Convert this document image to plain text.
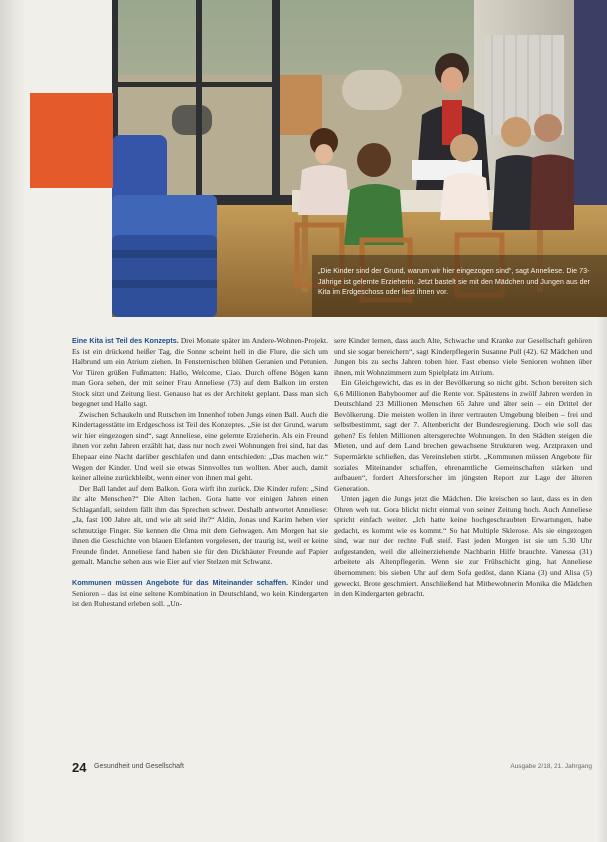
„Die Kinder sind der Grund, warum wir hier eingezogen sind“, sagt Anneliese. Die 73-Jährige ist gelernte Erzieherin. Jetzt bastelt sie mit den Mädchen und Jungen aus der Kita im Erdgeschoss oder liest ihnen vor.

Eine Kita ist Teil des Konzepts. Drei Monate später im Andere-Wohnen-Projekt. Es ist ein drückend heißer Tag, die Sonne scheint hell in die Flure, die sich um Halbrund um ein Atrium ziehen. In Fensternischen blühen Geranien und Petunien. Vor Türen grüßen Fußmatten: Hallo, Welcome, Ciao. Durch offene Bögen kann man Gora sehen, der mit seiner Frau Anneliese (73) auf dem Balkon im ersten Stock sitzt und Zeitung liest. Genauso hat es der Architekt geplant. Dass man sich begegnet und Hallo sagt.

Zwischen Schaukeln und Rutschen im Innenhof toben Jungs einen Ball. Auch die Kindertagesstätte im Erdgeschoss ist Teil des Konzeptes. „Sie ist der Grund, warum wir hier eingezogen sind“, sagt Anneliese, eine gelernte Erzieherin. Als ein Freund ihnen vor zehn Jahren erzählt hat, dass nur noch zwei Wohnungen frei sind, hat das Ehepaar eine Nacht darüber geschlafen und dann entschieden: „Das machen wir.“ Wegen der Kinder. Und weil sie etwas Sinnvolles tun wollten. Aber auch, damit keiner alleine zurückbleibt, wenn einer von ihnen mal geht.

Der Ball landet auf dem Balkon. Gora wirft ihn zurück. Die Kinder rufen: „Sind ihr alte Menschen?“ Die Alten lachen. Gora hatte vor einigen Jahren einen Schlaganfall, seitdem fällt ihm das Sprechen schwer. Deshalb antwortet Anneliese: „Ja, fast 100 Jahre alt, und wie alt seid ihr?“ Aldin, Jonas und Karim heben vier schmutzige Finger. Sie kennen die Oma mit dem Gehwagen. Am Morgen hat sie ihnen die Geschichte von blauen Elefanten vorgelesen, der traurig ist, weil er keine Freunde findet. Anneliese fand haben sie für den Dickhäuter Freunde auf Papier gemalt. Manche sehen aus wie Eier auf vier Stelzen mit Schwanz.

Kommunen müssen Angebote für das Miteinander schaffen. Kinder und Senioren – das ist eine seltene Kombination in Deutschland, wo kein Kindergarten ist den Ruhestand erleben soll. „Un-

sere Kinder lernen, dass auch Alte, Schwache und Kranke zur Gesellschaft gehören und sie sogar bereichern“, sagt Kinderpflegerin Susanne Pull (42). 62 Mädchen und Jungen bis zu sechs Jahren toben hier. Fast ebenso viele Senioren wohnen über ihnen, mit Wohnzimmern zum Spielplatz im Atrium.

Ein Gleichgewicht, das es in der Bevölkerung so nicht gibt. Schon bereiten sich 6,6 Millionen Babyboomer auf die Rente vor. Spätestens in zwölf Jahren werden in Deutschland 23 Millionen Menschen 65 Jahre und älter sein – ein Drittel der Bevölkerung. Die meisten wollen in ihrer vertrauten Umgebung bleiben – frei und selbstbestimmt, sagt der 7. Altenbericht der Bundesregierung. Doch wie soll das gehen? Es fehlen Millionen altersgerechte Wohnungen. In den Städten steigen die Mieten, und auf dem Land brechen gewachsene Strukturen weg. Arztpraxen und Supermärkte schließen, das Vereinsleben stirbt. „Kommunen müssen Angebote für soziales Miteinander schaffen, ehrenamtliche Gemeinschaften stärken und aufbauen“, fordert Altersforscher im jüngsten Report zur Lage der älteren Generation.

Unten jagen die Jungs jetzt die Mädchen. Die kreischen so laut, dass es in den Ohren weh tut. Gora blickt nicht einmal von seiner Zeitung hoch. Auch Anneliese spricht einfach weiter. „Ich hatte keine hochgeschraubten Erwartungen, habe gedacht, es kommt wie es kommt.“ So hat Multiple Sklerose. Als sie eingezogen sind, war nur der rechte Fuß steif. Fast jeden Morgen ist sie um 5.30 Uhr aufgestanden, weil die alleinerziehende Nachbarin Hilfe brauchte. Vanessa (31) arbeitete als Altenpflegerin. Wenn sie zur Frühschicht ging, hat Anneliese übernommen: bis sieben Uhr auf dem Sofa gedöst, dann Kiana (3) und Alisa (5) geweckt. Brote geschmiert. Anschließend hat Mitbewohnerin Monika die Mädchen in den Kindergarten gebracht.

24 Gesundheit und Gesellschaft	Ausgabe 2/18, 21. Jahrgang
